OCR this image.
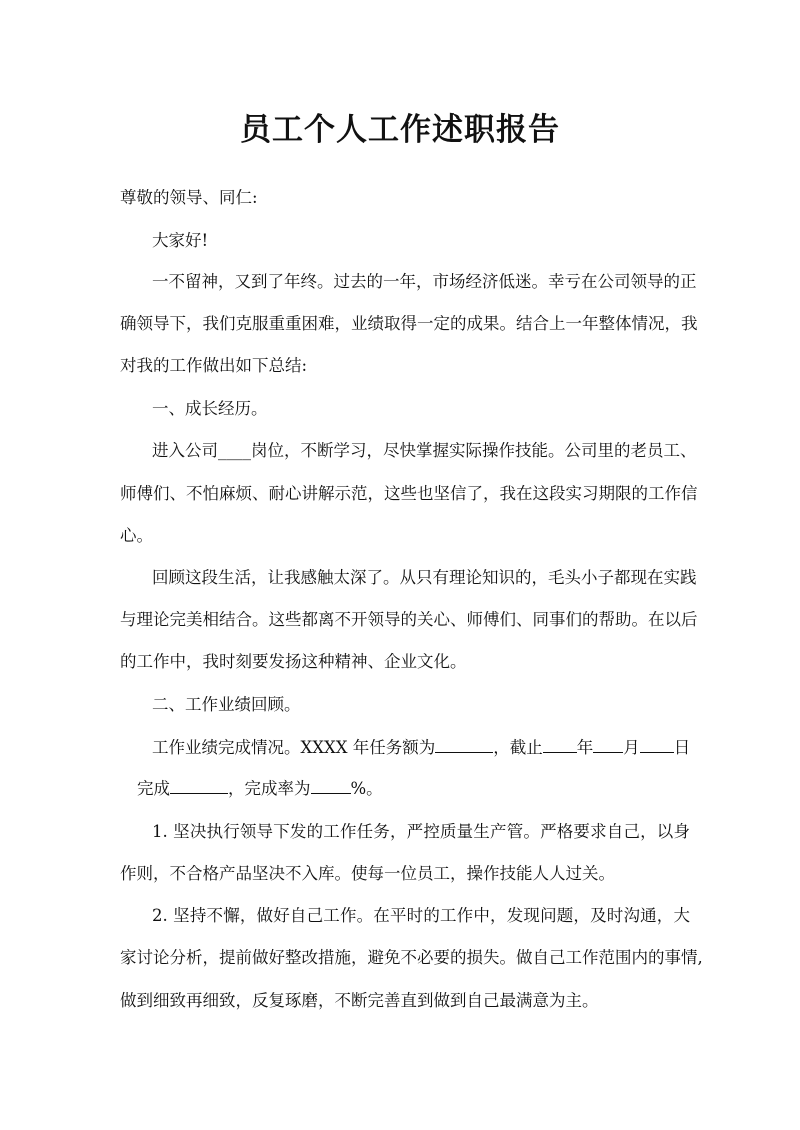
员工个人工作述职报告

尊敬的领导、同仁:

大家好!

一不留神，又到了年终。过去的一年，市场经济低迷。幸亏在公司领导的正

确领导下，我们克服重重困难，业绩取得一定的成果。结合上一年整体情况，我

对我的工作做出如下总结:

一、成长经历。

进入公司____岗位，不断学习，尽快掌握实际操作技能。公司里的老员工、

师傅们、不怕麻烦、耐心讲解示范，这些也坚信了，我在这段实习期限的工作信

心。

回顾这段生活，让我感触太深了。从只有理论知识的，毛头小子都现在实践

与理论完美相结合。这些都离不开领导的关心、师傅们、同事们的帮助。在以后

的工作中，我时刻要发扬这种精神、企业文化。

二、工作业绩回顾。

工作业绩完成情况。XXXX 年任务额为	，截止 年 月 日

完成	，完成率为 %。

1. 坚决执行领导下发的工作任务，严控质量生产管。严格要求自己，以身

作则，不合格产品坚决不入库。使每一位员工，操作技能人人过关。

2. 坚持不懈，做好自己工作。在平时的工作中，发现问题，及时沟通，大

家讨论分析，提前做好整改措施，避免不必要的损失。做自己工作范围内的事情,

做到细致再细致，反复琢磨，不断完善直到做到自己最满意为主。
